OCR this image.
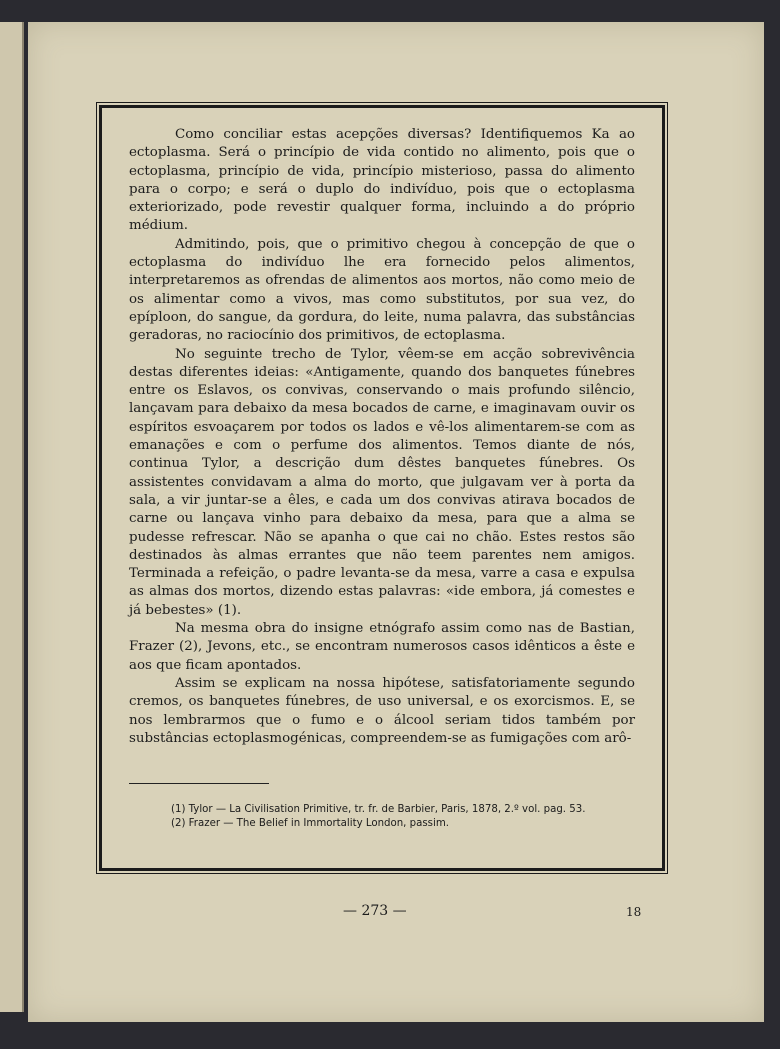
Como conciliar estas acepções diversas? Identifiquemos Ka ao ectoplasma. Será o princípio de vida contido no alimento, pois que o ectoplasma, princípio de vida, princípio misterioso, passa do alimento para o corpo; e será o duplo do indivíduo, pois que o ectoplasma exteriorizado, pode revestir qualquer forma, incluindo a do próprio médium.

Admitindo, pois, que o primitivo chegou à concepção de que o ectoplasma do indivíduo lhe era fornecido pelos alimentos, interpretaremos as ofrendas de alimentos aos mortos, não como meio de os alimentar como a vivos, mas como substitutos, por sua vez, do epíploon, do sangue, da gordura, do leite, numa palavra, das substâncias geradoras, no raciocínio dos primitivos, de ectoplasma.

No seguinte trecho de Tylor, vêem-se em acção sobrevivência destas diferentes ideias: «Antigamente, quando dos banquetes fúnebres entre os Eslavos, os convivas, conservando o mais profundo silêncio, lançavam para debaixo da mesa bocados de carne, e imaginavam ouvir os espíritos esvoaçarem por todos os lados e vê-los alimentarem-se com as emanações e com o perfume dos alimentos. Temos diante de nós, continua Tylor, a descrição dum dêstes banquetes fúnebres. Os assistentes convidavam a alma do morto, que julgavam ver à porta da sala, a vir juntar-se a êles, e cada um dos convivas atirava bocados de carne ou lançava vinho para debaixo da mesa, para que a alma se pudesse refrescar. Não se apanha o que cai no chão. Estes restos são destinados às almas errantes que não teem parentes nem amigos. Terminada a refeição, o padre levanta-se da mesa, varre a casa e expulsa as almas dos mortos, dizendo estas palavras: «ide embora, já comestes e já bebestes» (1).

Na mesma obra do insigne etnógrafo assim como nas de Bastian, Frazer (2), Jevons, etc., se encontram numerosos casos idênticos a êste e aos que ficam apontados.

Assim se explicam na nossa hipótese, satisfatoriamente segundo cremos, os banquetes fúnebres, de uso universal, e os exorcismos. E, se nos lembrarmos que o fumo e o álcool seriam tidos também por substâncias ectoplasmogénicas, compreendem-se as fumigações com arô-

(1) Tylor — La Civilisation Primitive, tr. fr. de Barbier, Paris, 1878, 2.º vol. pag. 53.

(2) Frazer — The Belief in Immortality London, passim.

— 273 —	18
